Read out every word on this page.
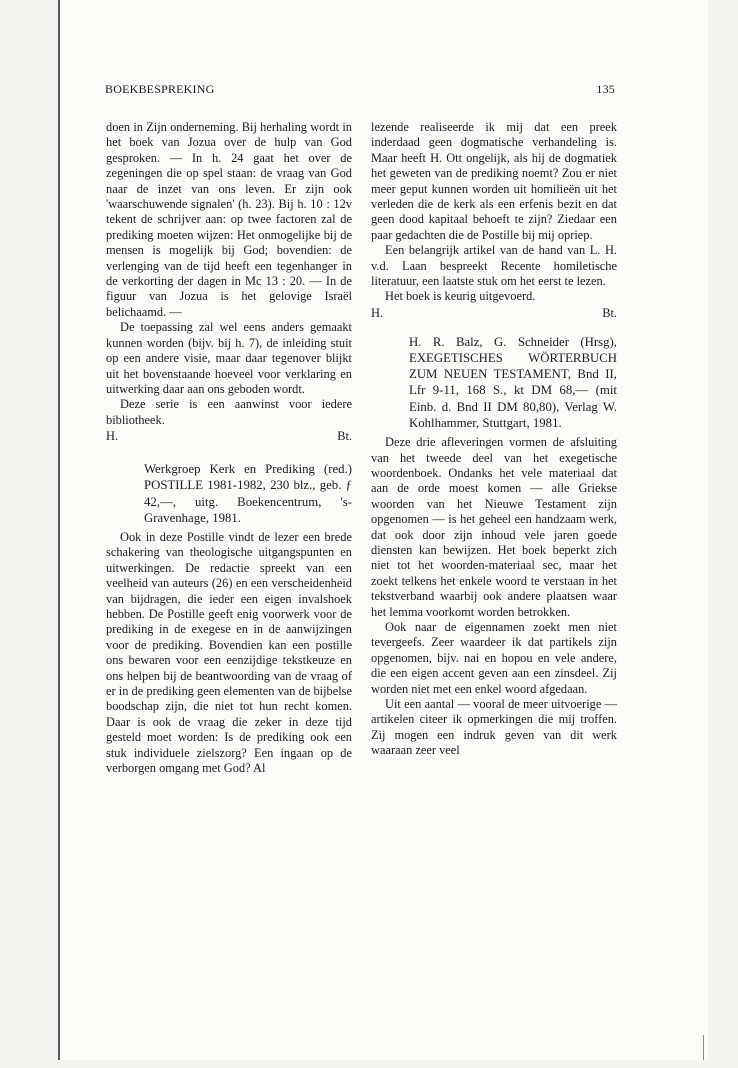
BOEKBESPREKING	135

doen in Zijn onderneming. Bij herhaling wordt in het boek van Jozua over de hulp van God gesproken. — In h. 24 gaat het over de zegeningen die op spel staan: de vraag van God naar de inzet van ons leven. Er zijn ook 'waarschuwende signalen' (h. 23). Bij h. 10 : 12v tekent de schrijver aan: op twee factoren zal de prediking moeten wijzen: Het onmogelijke bij de mensen is mogelijk bij God; bovendien: de verlenging van de tijd heeft een tegenhanger in de verkorting der dagen in Mc 13 : 20. — In de figuur van Jozua is het gelovige Israël belichaamd. —

De toepassing zal wel eens anders gemaakt kunnen worden (bijv. bij h. 7), de inleiding stuit op een andere visie, maar daar tegenover blijkt uit het bovenstaande hoeveel voor verklaring en uitwerking daar aan ons geboden wordt.

Deze serie is een aanwinst voor iedere bibliotheek.

H.	Bt.

Werkgroep Kerk en Prediking (red.) POSTILLE 1981-1982, 230 blz., geb. ƒ 42,—, uitg. Boekencentrum, 's-Gravenhage, 1981.

Ook in deze Postille vindt de lezer een brede schakering van theologische uitgangspunten en uitwerkingen. De redactie spreekt van een veelheid van auteurs (26) en een verscheidenheid van bijdragen, die ieder een eigen invalshoek hebben. De Postille geeft enig voorwerk voor de prediking in de exegese en in de aanwijzingen voor de prediking. Bovendien kan een postille ons bewaren voor een eenzijdige tekstkeuze en ons helpen bij de beantwoording van de vraag of er in de prediking geen elementen van de bijbelse boodschap zijn, die niet tot hun recht komen. Daar is ook de vraag die zeker in deze tijd gesteld moet worden: Is de prediking ook een stuk individuele zielszorg? Een ingaan op de verborgen omgang met God? Al

lezende realiseerde ik mij dat een preek inderdaad geen dogmatische verhandeling is. Maar heeft H. Ott ongelijk, als hij de dogmatiek het geweten van de prediking noemt? Zou er niet meer geput kunnen worden uit homilieën uit het verleden die de kerk als een erfenis bezit en dat geen dood kapitaal behoeft te zijn? Ziedaar een paar gedachten die de Postille bij mij opriep.

Een belangrijk artikel van de hand van L. H. v.d. Laan bespreekt Recente homiletische literatuur, een laatste stuk om het eerst te lezen.

Het boek is keurig uitgevoerd.

H.	Bt.

H. R. Balz, G. Schneider (Hrsg), EXEGETISCHES WÖRTERBUCH ZUM NEUEN TESTAMENT, Bnd II, Lfr 9-11, 168 S., kt DM 68,— (mit Einb. d. Bnd II DM 80,80), Verlag W. Kohlhammer, Stuttgart, 1981.

Deze drie afleveringen vormen de afsluiting van het tweede deel van het exegetische woordenboek. Ondanks het vele materiaal dat aan de orde moest komen — alle Griekse woorden van het Nieuwe Testament zijn opgenomen — is het geheel een handzaam werk, dat ook door zijn inhoud vele jaren goede diensten kan bewijzen. Het boek beperkt zich niet tot het woorden-materiaal sec, maar het zoekt telkens het enkele woord te verstaan in het tekstverband waarbij ook andere plaatsen waar het lemma voorkomt worden betrokken.

Ook naar de eigennamen zoekt men niet tevergeefs. Zeer waardeer ik dat partikels zijn opgenomen, bijv. nai en hopou en vele andere, die een eigen accent geven aan een zinsdeel. Zij worden niet met een enkel woord afgedaan.

Uit een aantal — vooral de meer uitvoerige — artikelen citeer ik opmerkingen die mij troffen. Zij mogen een indruk geven van dit werk waaraan zeer veel
